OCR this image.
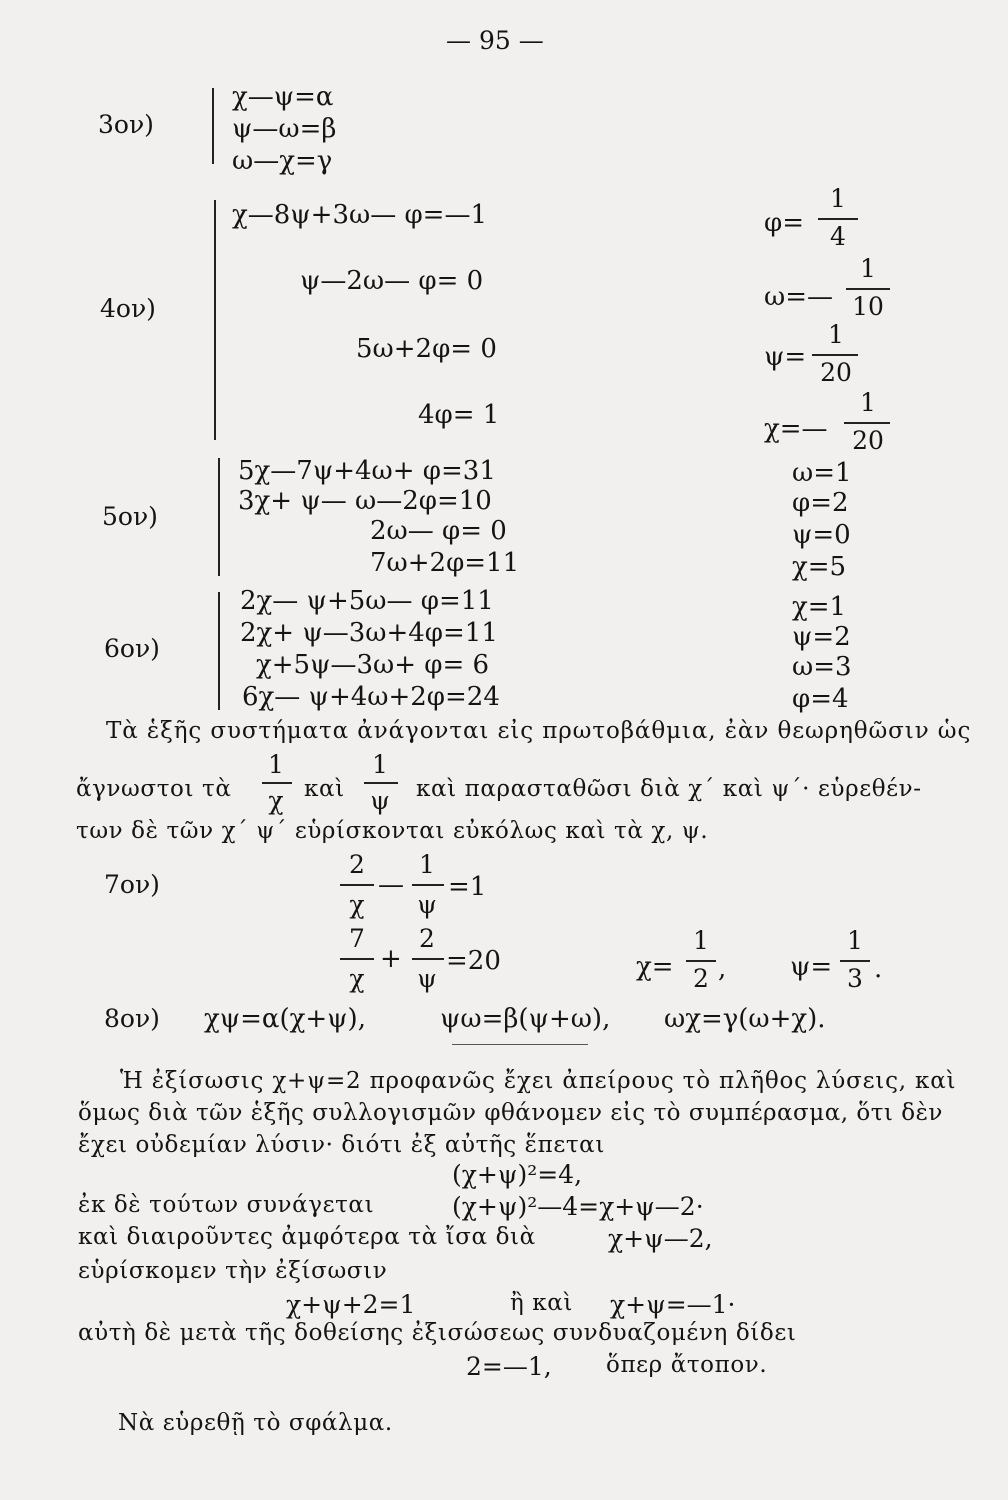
— 95 —
3ον)
χ—ψ=α
ψ—ω=β
ω—χ=γ
4ον)
χ—8ψ+3ω— φ=—1
ψ—2ω— φ= 0
5ω+2φ= 0
4φ= 1
φ=
1
4
ω=—
1
10
ψ=
1
20
χ=—
1
20
5ον)
5χ—7ψ+4ω+ φ=31
3χ+ ψ— ω—2φ=10
2ω— φ= 0
7ω+2φ=11
ω=1
φ=2
ψ=0
χ=5
6ον)
2χ— ψ+5ω— φ=11
2χ+ ψ—3ω+4φ=11
χ+5ψ—3ω+ φ= 6
6χ— ψ+4ω+2φ=24
χ=1
ψ=2
ω=3
φ=4
Τὰ ἑξῆς συστήματα ἀνάγονται εἰς πρωτοβάθμια, ἐὰν θεωρηθῶσιν ὡς
ἄγνωστοι τὰ
1
χ καὶ
1
ψ καὶ παρασταθῶσι διὰ χ΄ καὶ ψ΄· εὑρεθέν-
των δὲ τῶν χ΄ ψ΄ εὑρίσκονται εὐκόλως καὶ τὰ χ, ψ.
7ον)
2
χ
—
1
ψ
=1
7
χ
+
2
ψ
=20	χ=
1
2 , ψ=
1
3 .
8ον) χψ=α(χ+ψ),	ψω=β(ψ+ω), ωχ=γ(ω+χ).
Ἡ ἐξίσωσις χ+ψ=2 προφανῶς ἔχει ἀπείρους τὸ πλῆθος λύσεις, καὶ
ὅμως διὰ τῶν ἑξῆς συλλογισμῶν φθάνομεν εἰς τὸ συμπέρασμα, ὅτι δὲν
ἔχει οὐδεμίαν λύσιν· διότι ἐξ αὐτῆς ἕπεται
(χ+ψ)²=4,
ἐκ δὲ τούτων συνάγεται	(χ+ψ)²—4=χ+ψ—2·
καὶ διαιροῦντες ἀμφότερα τὰ ἴσα διὰ	χ+ψ—2,
εὑρίσκομεν τὴν ἐξίσωσιν
χ+ψ+2=1	ἢ καὶ χ+ψ=—1·
αὐτὴ δὲ μετὰ τῆς δοθείσης ἐξισώσεως συνδυαζομένη δίδει
2=—1, ὅπερ ἄτοπον.
Νὰ εὑρεθῇ τὸ σφάλμα.
